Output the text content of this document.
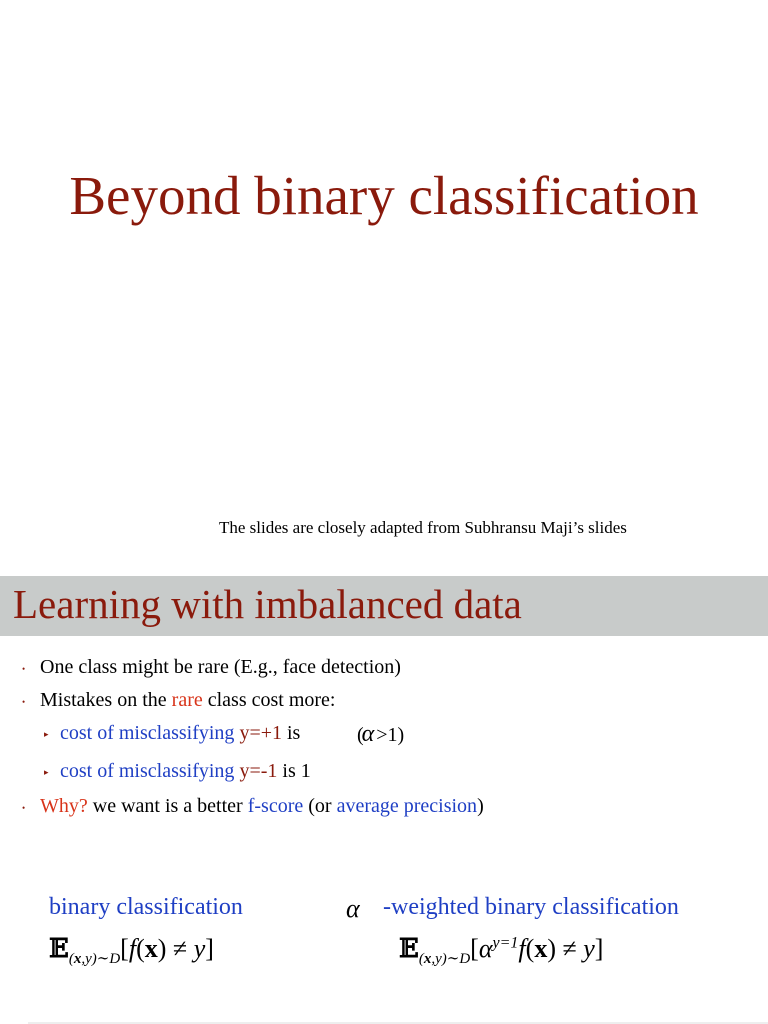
Beyond binary classification
The slides are closely adapted from Subhransu Maji’s slides
Learning with imbalanced data
• One class might be rare (E.g., face detection)
• Mistakes on the rare class cost more:
▸ cost of misclassifying y=+1 is	(α >1)
▸ cost of misclassifying y=-1 is 1
• Why? we want is a better f-score (or average precision)
binary classification	α -weighted binary classification
𝔼$_{(x,y)\sim D}$[f(x) ≠ y]	$𝔼_{(x,y)\sim D}[\alpha^{y=1}f(x) \ne y]$
